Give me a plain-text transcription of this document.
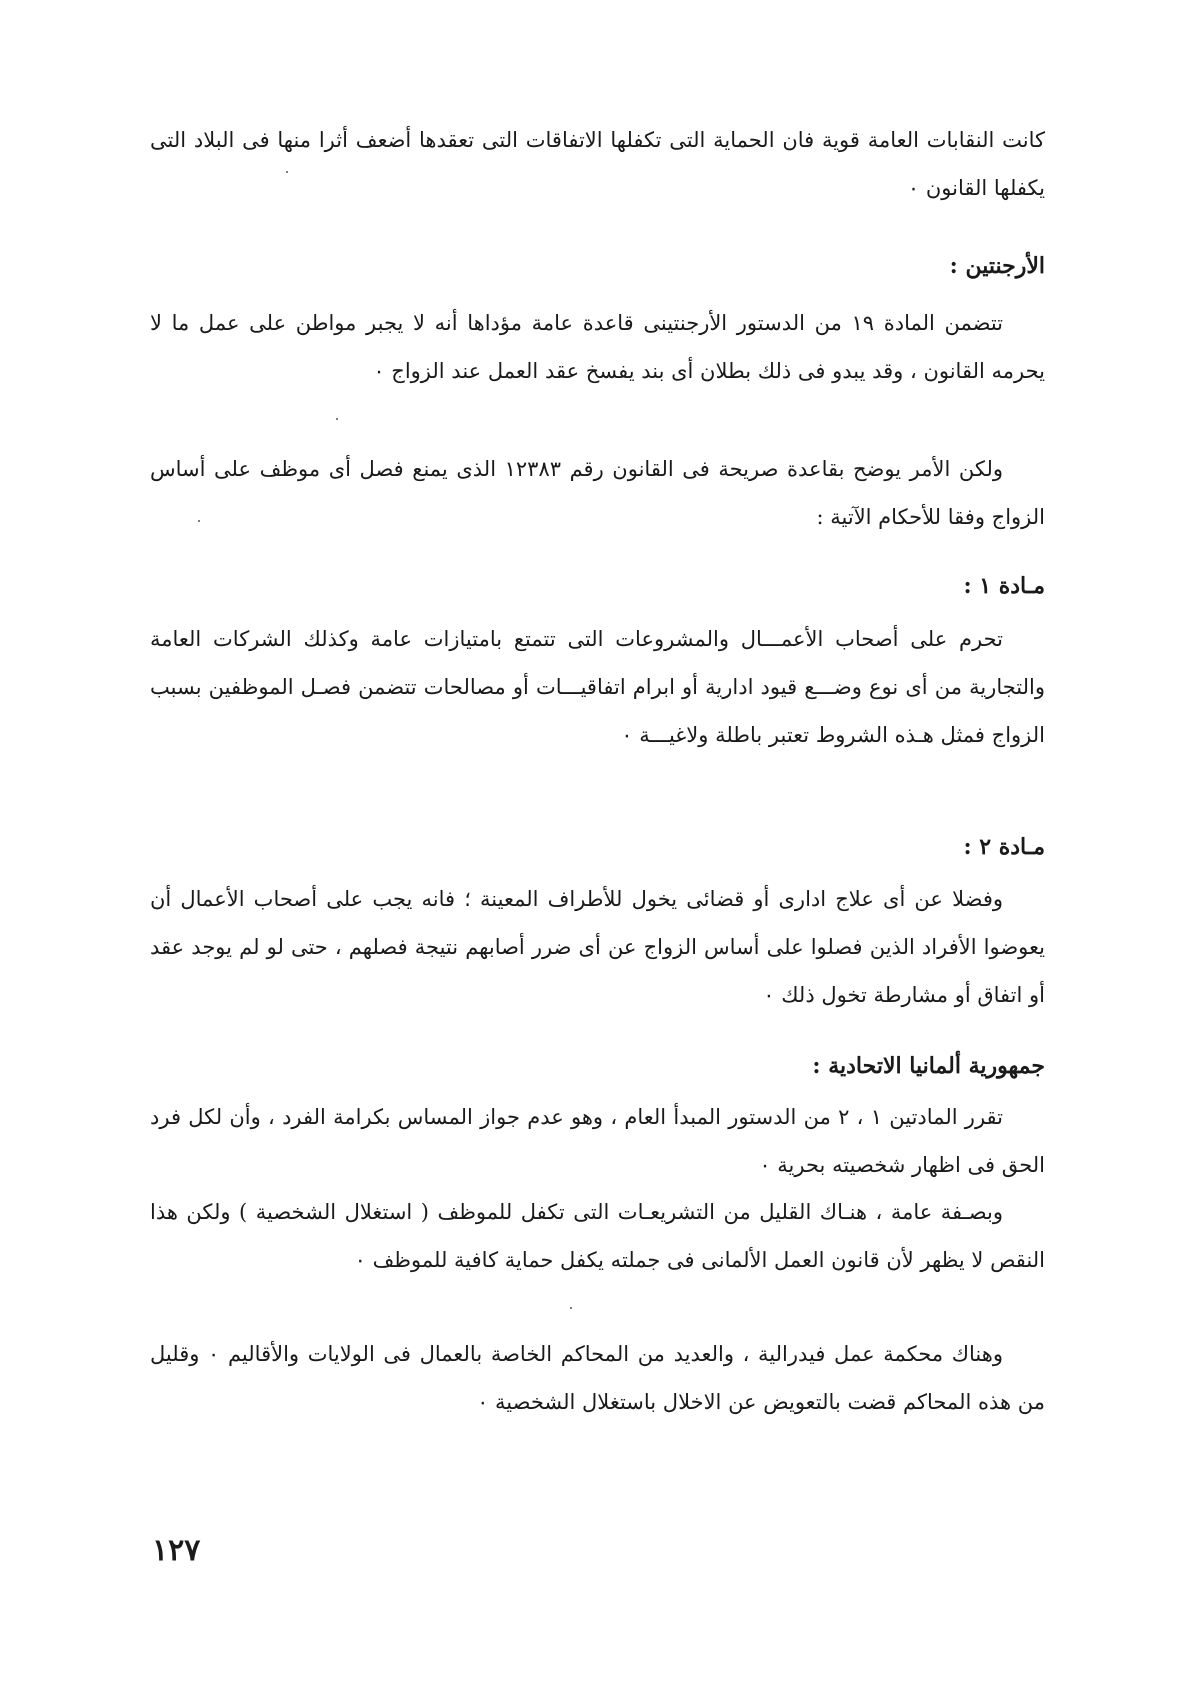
كانت النقابات العامة قوية فان الحماية التى تكفلها الاتفاقات التى تعقدها أضعف أثرا منها فى البلاد التى يكفلها القانون ٠

الأرجنتين :

تتضمن المادة ١٩ من الدستور الأرجنتينى قاعدة عامة مؤداها أنه لا يجبر مواطن على عمل ما لا يحرمه القانون ، وقد يبدو فى ذلك بطلان أى بند يفسخ عقد العمل عند الزواج ٠

ولكن الأمر يوضح بقاعدة صريحة فى القانون رقم ١٢٣٨٣ الذى يمنع فصل أى موظف على أساس الزواج وفقا للأحكام الآتية :

مـادة ١ :

تحرم على أصحاب الأعمـــال والمشروعات التى تتمتع بامتيازات عامة وكذلك الشركات العامة والتجارية من أى نوع وضـــع قيود ادارية أو ابرام اتفاقيـــات أو مصالحات تتضمن فصـل الموظفين بسبب الزواج فمثل هـذه الشروط تعتبر باطلة ولاغيـــة ٠

مـادة ٢ :

وفضلا عن أى علاج ادارى أو قضائى يخول للأطراف المعينة ؛ فانه يجب على أصحاب الأعمال أن يعوضوا الأفراد الذين فصلوا على أساس الزواج عن أى ضرر أصابهم نتيجة فصلهم ، حتى لو لم يوجد عقد أو اتفاق أو مشارطة تخول ذلك ٠

جمهورية ألمانيا الاتحادية :

تقرر المادتين ١ ، ٢ من الدستور المبدأ العام ، وهو عدم جواز المساس بكرامة الفرد ، وأن لكل فرد الحق فى اظهار شخصيته بحرية ٠

وبصـفة عامة ، هنـاك القليل من التشريعـات التى تكفل للموظف ( استغلال الشخصية ) ولكن هذا النقص لا يظهر لأن قانون العمل الألمانى فى جملته يكفل حماية كافية للموظف ٠

وهناك محكمة عمل فيدرالية ، والعديد من المحاكم الخاصة بالعمال فى الولايات والأقاليم ٠ وقليل من هذه المحاكم قضت بالتعويض عن الاخلال باستغلال الشخصية ٠

١٢٧
